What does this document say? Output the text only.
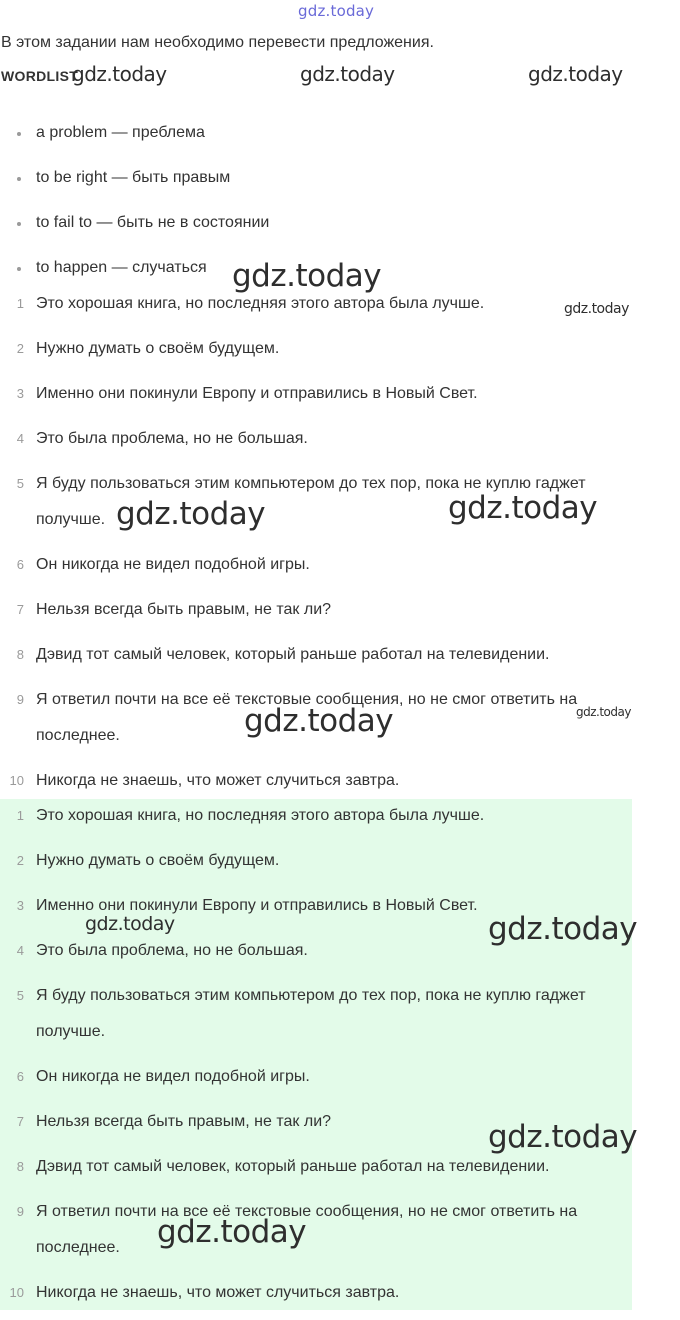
gdz.today
В этом задании нам необходимо перевести предложения.
WORDLIST
a problem — преблема
to be right — быть правым
to fail to — быть не в состоянии
to happen — случаться
1 Это хорошая книга, но последняя этого автора была лучше.
2 Нужно думать о своём будущем.
3 Именно они покинули Европу и отправились в Новый Свет.
4 Это была проблема, но не большая.
5 Я буду пользоваться этим компьютером до тех пор, пока не куплю гаджет получше.
6 Он никогда не видел подобной игры.
7 Нельзя всегда быть правым, не так ли?
8 Дэвид тот самый человек, который раньше работал на телевидении.
9 Я ответил почти на все её текстовые сообщения, но не смог ответить на последнее.
10 Никогда не знаешь, что может случиться завтра.
1 Это хорошая книга, но последняя этого автора была лучше.
2 Нужно думать о своём будущем.
3 Именно они покинули Европу и отправились в Новый Свет.
4 Это была проблема, но не большая.
5 Я буду пользоваться этим компьютером до тех пор, пока не куплю гаджет получше.
6 Он никогда не видел подобной игры.
7 Нельзя всегда быть правым, не так ли?
8 Дэвид тот самый человек, который раньше работал на телевидении.
9 Я ответил почти на все её текстовые сообщения, но не смог ответить на последнее.
10 Никогда не знаешь, что может случиться завтра.
gdz.today	gdz.today	gdz.today
gdz.today
gdz.today
gdz.today	gdz.today
gdz.today	gdz.today
gdz.today	gdz.today
gdz.today
gdz.today
